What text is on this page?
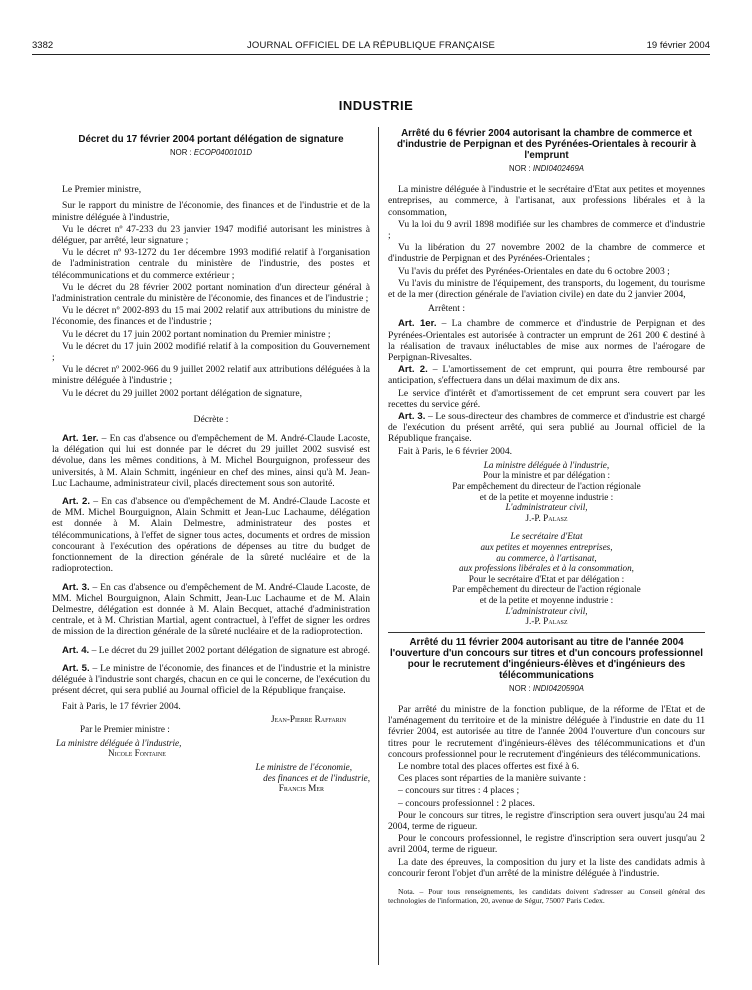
3382	JOURNAL OFFICIEL DE LA RÉPUBLIQUE FRANÇAISE	19 février 2004
INDUSTRIE
Décret du 17 février 2004 portant délégation de signature
NOR : ECOP0400101D

Le Premier ministre,

Sur le rapport du ministre de l'économie, des finances et de l'industrie et de la ministre déléguée à l'industrie,

Vu le décret nº 47-233 du 23 janvier 1947 modifié autorisant les ministres à déléguer, par arrêté, leur signature ;

Vu le décret nº 93-1272 du 1er décembre 1993 modifié relatif à l'organisation de l'administration centrale du ministère de l'industrie, des postes et télécommunications et du commerce extérieur ;

Vu le décret du 28 février 2002 portant nomination d'un directeur général à l'administration centrale du ministère de l'économie, des finances et de l'industrie ;

Vu le décret nº 2002-893 du 15 mai 2002 relatif aux attributions du ministre de l'économie, des finances et de l'industrie ;

Vu le décret du 17 juin 2002 portant nomination du Premier ministre ;

Vu le décret du 17 juin 2002 modifié relatif à la composition du Gouvernement ;

Vu le décret nº 2002-966 du 9 juillet 2002 relatif aux attributions déléguées à la ministre déléguée à l'industrie ;

Vu le décret du 29 juillet 2002 portant délégation de signature,

Décrète :

Art. 1er. – En cas d'absence ou d'empêchement de M. André-Claude Lacoste, la délégation qui lui est donnée par le décret du 29 juillet 2002 susvisé est dévolue, dans les mêmes conditions, à M. Michel Bourguignon, professeur des universités, à M. Alain Schmitt, ingénieur en chef des mines, ainsi qu'à M. Jean-Luc Lachaume, administrateur civil, placés directement sous son autorité.

Art. 2. – En cas d'absence ou d'empêchement de M. André-Claude Lacoste et de MM. Michel Bourguignon, Alain Schmitt et Jean-Luc Lachaume, délégation est donnée à M. Alain Delmestre, administrateur des postes et télécommunications, à l'effet de signer tous actes, documents et ordres de mission concourant à l'exécution des opérations de dépenses au titre du budget de fonctionnement de la direction générale de la sûreté nucléaire et de la radioprotection.

Art. 3. – En cas d'absence ou d'empêchement de M. André-Claude Lacoste, de MM. Michel Bourguignon, Alain Schmitt, Jean-Luc Lachaume et de M. Alain Delmestre, délégation est donnée à M. Alain Becquet, attaché d'administration centrale, et à M. Christian Martial, agent contractuel, à l'effet de signer les ordres de mission de la direction générale de la sûreté nucléaire et de la radioprotection.

Art. 4. – Le décret du 29 juillet 2002 portant délégation de signature est abrogé.

Art. 5. – Le ministre de l'économie, des finances et de l'industrie et la ministre déléguée à l'industrie sont chargés, chacun en ce qui le concerne, de l'exécution du présent décret, qui sera publié au Journal officiel de la République française.

Fait à Paris, le 17 février 2004.

Jean-Pierre Raffarin
Par le Premier ministre :
La ministre déléguée à l'industrie,
Nicole Fontaine
Le ministre de l'économie,
des finances et de l'industrie,
Francis Mer
Arrêté du 6 février 2004 autorisant la chambre de commerce et d'industrie de Perpignan et des Pyrénées-Orientales à recourir à l'emprunt
NOR : INDI0402469A

La ministre déléguée à l'industrie et le secrétaire d'Etat aux petites et moyennes entreprises, au commerce, à l'artisanat, aux professions libérales et à la consommation,

Vu la loi du 9 avril 1898 modifiée sur les chambres de commerce et d'industrie ;

Vu la libération du 27 novembre 2002 de la chambre de commerce et d'industrie de Perpignan et des Pyrénées-Orientales ;

Vu l'avis du préfet des Pyrénées-Orientales en date du 6 octobre 2003 ;

Vu l'avis du ministre de l'équipement, des transports, du logement, du tourisme et de la mer (direction générale de l'aviation civile) en date du 2 janvier 2004,

Arrêtent :

Art. 1er. – La chambre de commerce et d'industrie de Perpignan et des Pyrénées-Orientales est autorisée à contracter un emprunt de 261 200 € destiné à la réalisation de travaux inéluctables de mise aux normes de l'aérogare de Perpignan-Rivesaltes.

Art. 2. – L'amortissement de cet emprunt, qui pourra être remboursé par anticipation, s'effectuera dans un délai maximum de dix ans.

Le service d'intérêt et d'amortissement de cet emprunt sera couvert par les recettes du service géré.

Art. 3. – Le sous-directeur des chambres de commerce et d'industrie est chargé de l'exécution du présent arrêté, qui sera publié au Journal officiel de la République française.

Fait à Paris, le 6 février 2004.

La ministre déléguée à l'industrie,
Pour la ministre et par délégation :
Par empêchement du directeur de l'action régionale
et de la petite et moyenne industrie :
L'administrateur civil,
J.-P. Palasz
Le secrétaire d'Etat
aux petites et moyennes entreprises,
au commerce, à l'artisanat,
aux professions libérales et à la consommation,
Pour le secrétaire d'Etat et par délégation :
Par empêchement du directeur de l'action régionale
et de la petite et moyenne industrie :
L'administrateur civil,
J.-P. Palasz
Arrêté du 11 février 2004 autorisant au titre de l'année 2004 l'ouverture d'un concours sur titres et d'un concours professionnel pour le recrutement d'ingénieurs-élèves et d'ingénieurs des télécommunications
NOR : INDI0420590A

Par arrêté du ministre de la fonction publique, de la réforme de l'Etat et de l'aménagement du territoire et de la ministre déléguée à l'industrie en date du 11 février 2004, est autorisée au titre de l'année 2004 l'ouverture d'un concours sur titres pour le recrutement d'ingénieurs-élèves des télécommunications et d'un concours professionnel pour le recrutement d'ingénieurs des télécommunications.

Le nombre total des places offertes est fixé à 6.

Ces places sont réparties de la manière suivante :

– concours sur titres : 4 places ;

– concours professionnel : 2 places.

Pour le concours sur titres, le registre d'inscription sera ouvert jusqu'au 24 mai 2004, terme de rigueur.

Pour le concours professionnel, le registre d'inscription sera ouvert jusqu'au 2 avril 2004, terme de rigueur.

La date des épreuves, la composition du jury et la liste des candidats admis à concourir feront l'objet d'un arrêté de la ministre déléguée à l'industrie.

Nota. – Pour tous renseignements, les candidats doivent s'adresser au Conseil général des technologies de l'information, 20, avenue de Ségur, 75007 Paris Cedex.
